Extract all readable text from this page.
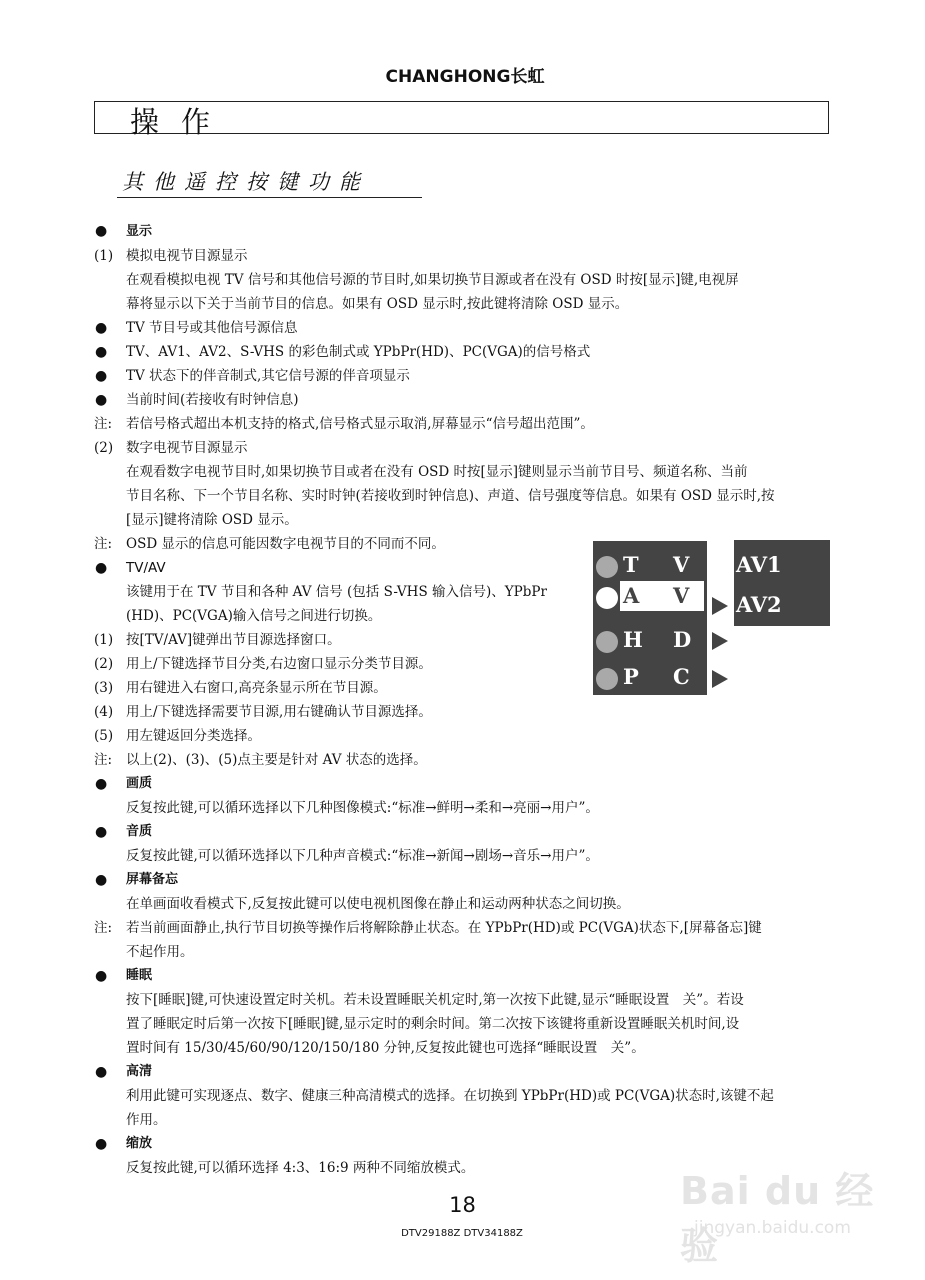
CHANGHONG长虹
操作
其他遥控按键功能
● 显示
(1) 模拟电视节目源显示
在观看模拟电视 TV 信号和其他信号源的节目时,如果切换节目源或者在没有 OSD 时按[显示]键,电视屏
幕将显示以下关于当前节目的信息。如果有 OSD 显示时,按此键将清除 OSD 显示。
● TV 节目号或其他信号源信息
● TV、AV1、AV2、S-VHS 的彩色制式或 YPbPr(HD)、PC(VGA)的信号格式
● TV 状态下的伴音制式,其它信号源的伴音项显示
● 当前时间(若接收有时钟信息)
注: 若信号格式超出本机支持的格式,信号格式显示取消,屏幕显示“信号超出范围”。
(2) 数字电视节目源显示
在观看数字电视节目时,如果切换节目或者在没有 OSD 时按[显示]键则显示当前节目号、频道名称、当前
节目名称、下一个节目名称、实时时钟(若接收到时钟信息)、声道、信号强度等信息。如果有 OSD 显示时,按
[显示]键将清除 OSD 显示。
注: OSD 显示的信息可能因数字电视节目的不同而不同。
● TV/AV
该键用于在 TV 节目和各种 AV 信号 (包括 S-VHS 输入信号)、YPbPr
(HD)、PC(VGA)输入信号之间进行切换。
(1) 按[TV/AV]键弹出节目源选择窗口。
(2) 用上/下键选择节目分类,右边窗口显示分类节目源。
(3) 用右键进入右窗口,高亮条显示所在节目源。
(4) 用上/下键选择需要节目源,用右键确认节目源选择。
(5) 用左键返回分类选择。
注: 以上(2)、(3)、(5)点主要是针对 AV 状态的选择。
● 画质
反复按此键,可以循环选择以下几种图像模式:“标准→鲜明→柔和→亮丽→用户”。
● 音质
反复按此键,可以循环选择以下几种声音模式:“标准→新闻→剧场→音乐→用户”。
● 屏幕备忘
在单画面收看模式下,反复按此键可以使电视机图像在静止和运动两种状态之间切换。
注: 若当前画面静止,执行节目切换等操作后将解除静止状态。在 YPbPr(HD)或 PC(VGA)状态下,[屏幕备忘]键
不起作用。
● 睡眠
按下[睡眠]键,可快速设置定时关机。若未设置睡眠关机定时,第一次按下此键,显示“睡眠设置　关”。若设
置了睡眠定时后第一次按下[睡眠]键,显示定时的剩余时间。第二次按下该键将重新设置睡眠关机时间,设
置时间有 15/30/45/60/90/120/150/180 分钟,反复按此键也可选择“睡眠设置　关”。
● 高清
利用此键可实现逐点、数字、健康三种高清模式的选择。在切换到 YPbPr(HD)或 PC(VGA)状态时,该键不起
作用。
● 缩放
反复按此键,可以循环选择 4:3、16:9 两种不同缩放模式。
T V
A V
H D
P C
AV1
AV2
18
DTV29188Z DTV34188Z
Bai du 经验
jingyan.baidu.com
